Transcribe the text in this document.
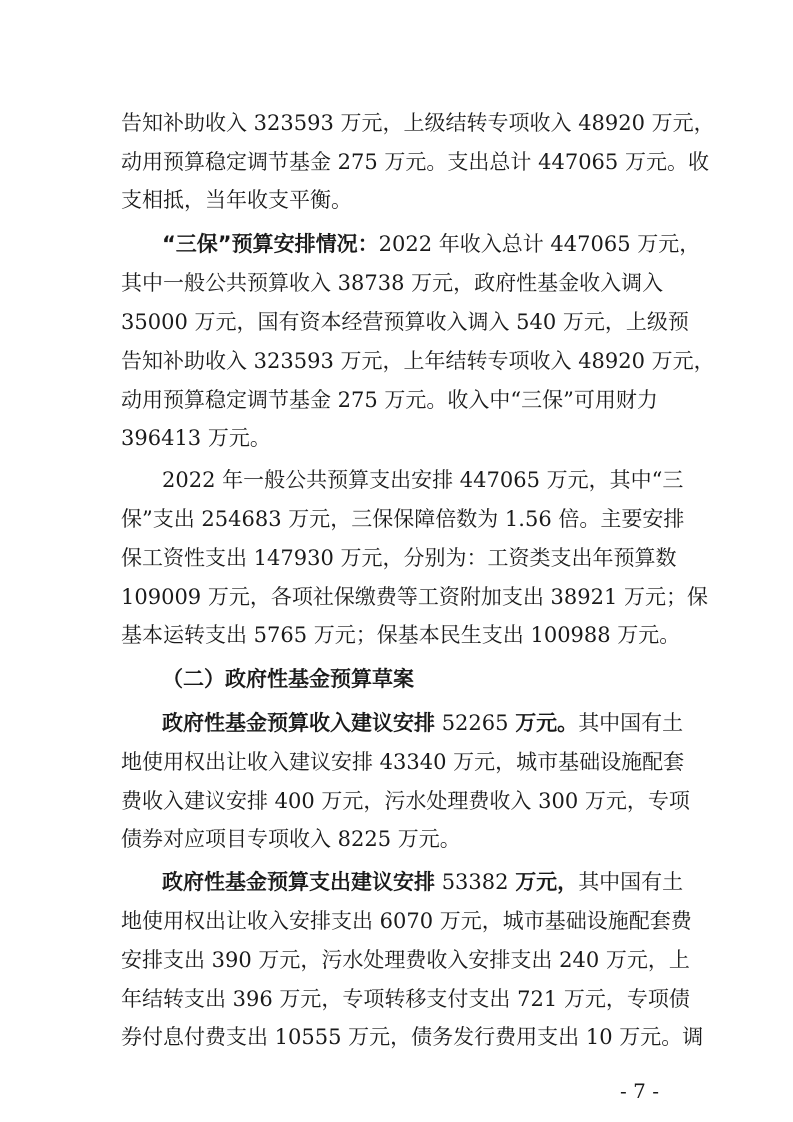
告知补助收入 323593 万元，上级结转专项收入 48920 万元，
动用预算稳定调节基金 275 万元。支出总计 447065 万元。收
支相抵，当年收支平衡。
“三保”预算安排情况：2022 年收入总计 447065 万元，
其中一般公共预算收入 38738 万元，政府性基金收入调入
35000 万元，国有资本经营预算收入调入 540 万元，上级预
告知补助收入 323593 万元，上年结转专项收入 48920 万元，
动用预算稳定调节基金 275 万元。收入中“三保”可用财力
396413 万元。
2022 年一般公共预算支出安排 447065 万元，其中“三
保”支出 254683 万元，三保保障倍数为 1.56 倍。主要安排
保工资性支出 147930 万元，分别为：工资类支出年预算数
109009 万元，各项社保缴费等工资附加支出 38921 万元；保
基本运转支出 5765 万元；保基本民生支出 100988 万元。
（二）政府性基金预算草案
政府性基金预算收入建议安排 52265 万元。其中国有土
地使用权出让收入建议安排 43340 万元，城市基础设施配套
费收入建议安排 400 万元，污水处理费收入 300 万元，专项
债券对应项目专项收入 8225 万元。
政府性基金预算支出建议安排 53382 万元，其中国有土
地使用权出让收入安排支出 6070 万元，城市基础设施配套费
安排支出 390 万元，污水处理费收入安排支出 240 万元，上
年结转支出 396 万元，专项转移支付支出 721 万元，专项债
券付息付费支出 10555 万元，债务发行费用支出 10 万元。调
- 7 -
